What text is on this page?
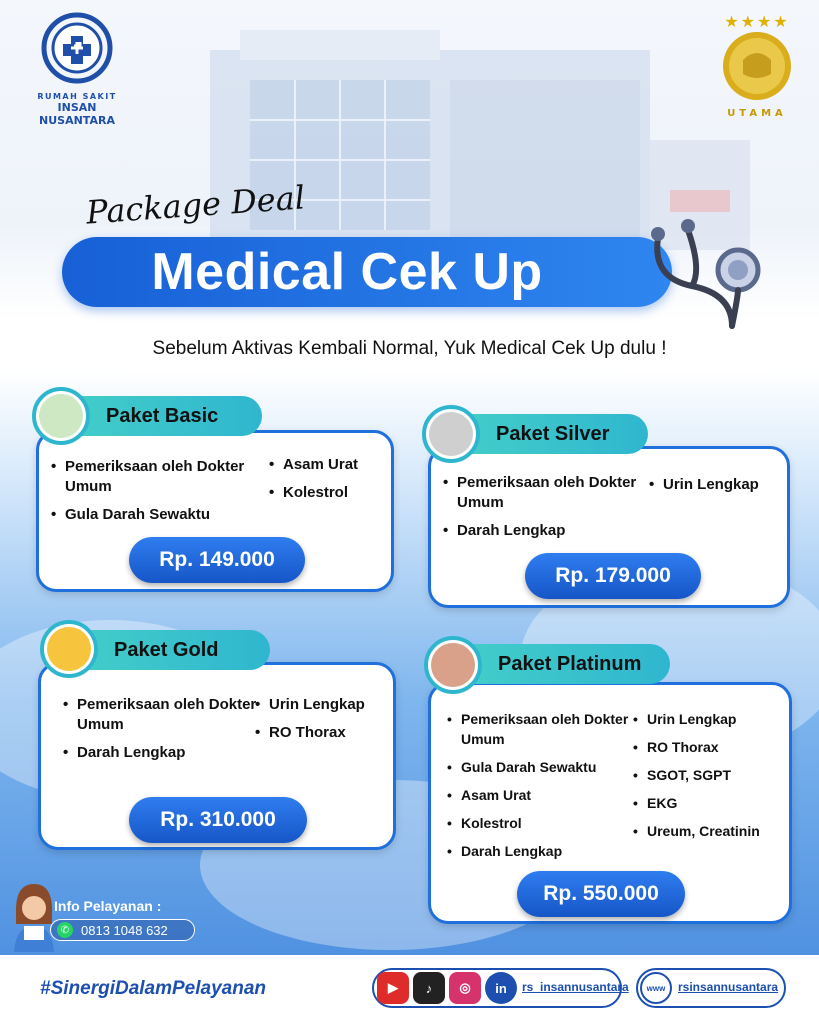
RUMAH SAKIT
INSAN NUSANTARA
★★★★
UTAMA
Package Deal
Medical Cek Up
Sebelum Aktivas Kembali Normal, Yuk Medical Cek Up dulu !
• Pemeriksaan oleh Dokter Umum
• Gula Darah Sewaktu
• Asam Urat
• Kolestrol
Rp. 149.000
Paket Basic
• Pemeriksaan oleh Dokter Umum
• Darah Lengkap
• Urin Lengkap
Rp. 179.000
Paket Silver
• Pemeriksaan oleh Dokter Umum
• Darah Lengkap
• Urin Lengkap
• RO Thorax
Rp. 310.000
Paket Gold
• Pemeriksaan oleh Dokter Umum
• Gula Darah Sewaktu
• Asam Urat
• Kolestrol
• Darah Lengkap
• Urin Lengkap
• RO Thorax
• SGOT, SGPT
• EKG
• Ureum, Creatinin
Rp. 550.000
Paket Platinum
Info Pelayanan :
✆ 0813 1048 632
#SinergiDalamPelayanan	▶	♪	◎	in	rs_insannusantara	www	rsinsannusantara
